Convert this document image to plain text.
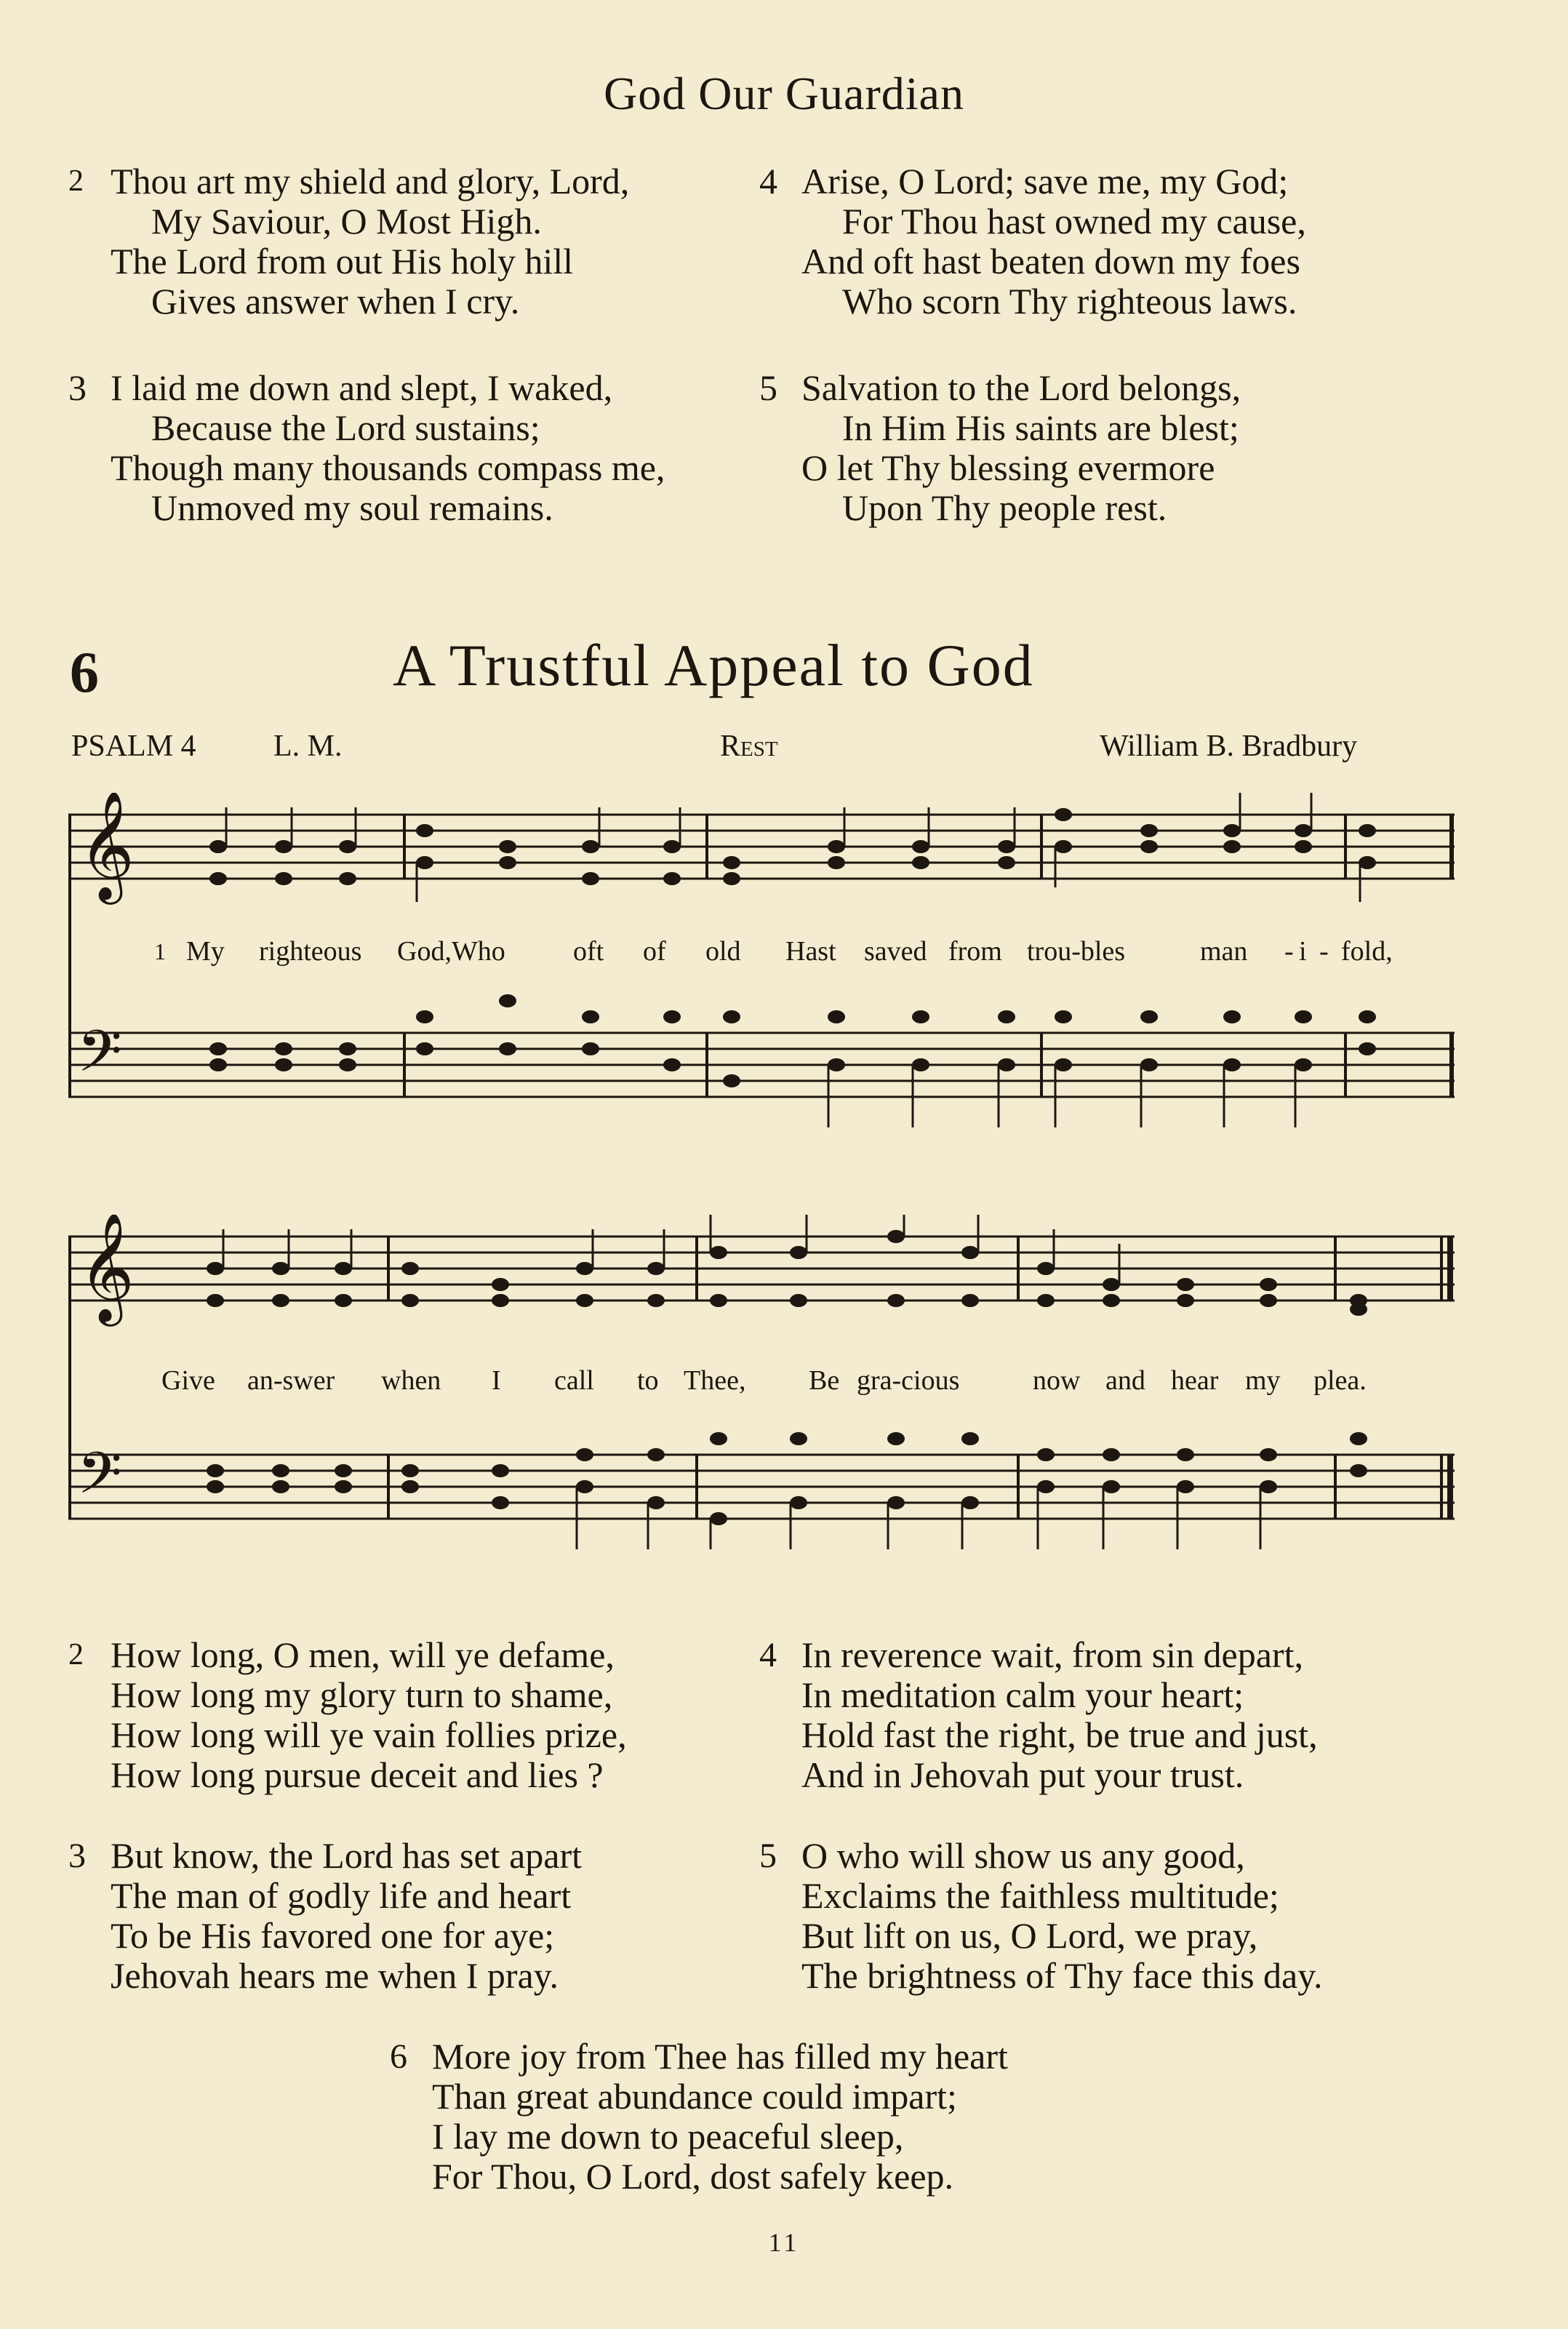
God Our Guardian
2 Thou art my shield and glory, Lord,
My Saviour, O Most High.
The Lord from out His holy hill
Gives answer when I cry.
3 I laid me down and slept, I waked,
Because the Lord sustains;
Though many thousands compass me,
Unmoved my soul remains.
4 Arise, O Lord; save me, my God;
For Thou hast owned my cause,
And oft hast beaten down my foes
Who scorn Thy righteous laws.
5 Salvation to the Lord belongs,
In Him His saints are blest;
O let Thy blessing evermore
Upon Thy people rest.
6	A Trustful Appeal to God
PSALM 4	L. M.	Rest	William B. Bradbury
𝄞
𝄢
1 My righteous God,Who oft of old Hast saved from trou-bles	man - i - fold,
𝄞
𝄢
Give an-swer when I call to Thee, Be gra-cious	now and hear my plea.
2 How long, O men, will ye defame,
How long my glory turn to shame,
How long will ye vain follies prize,
How long pursue deceit and lies ?
3 But know, the Lord has set apart
The man of godly life and heart
To be His favored one for aye;
Jehovah hears me when I pray.
4 In reverence wait, from sin depart,
In meditation calm your heart;
Hold fast the right, be true and just,
And in Jehovah put your trust.
5 O who will show us any good,
Exclaims the faithless multitude;
But lift on us, O Lord, we pray,
The brightness of Thy face this day.
6 More joy from Thee has filled my heart
Than great abundance could impart;
I lay me down to peaceful sleep,
For Thou, O Lord, dost safely keep.
11
